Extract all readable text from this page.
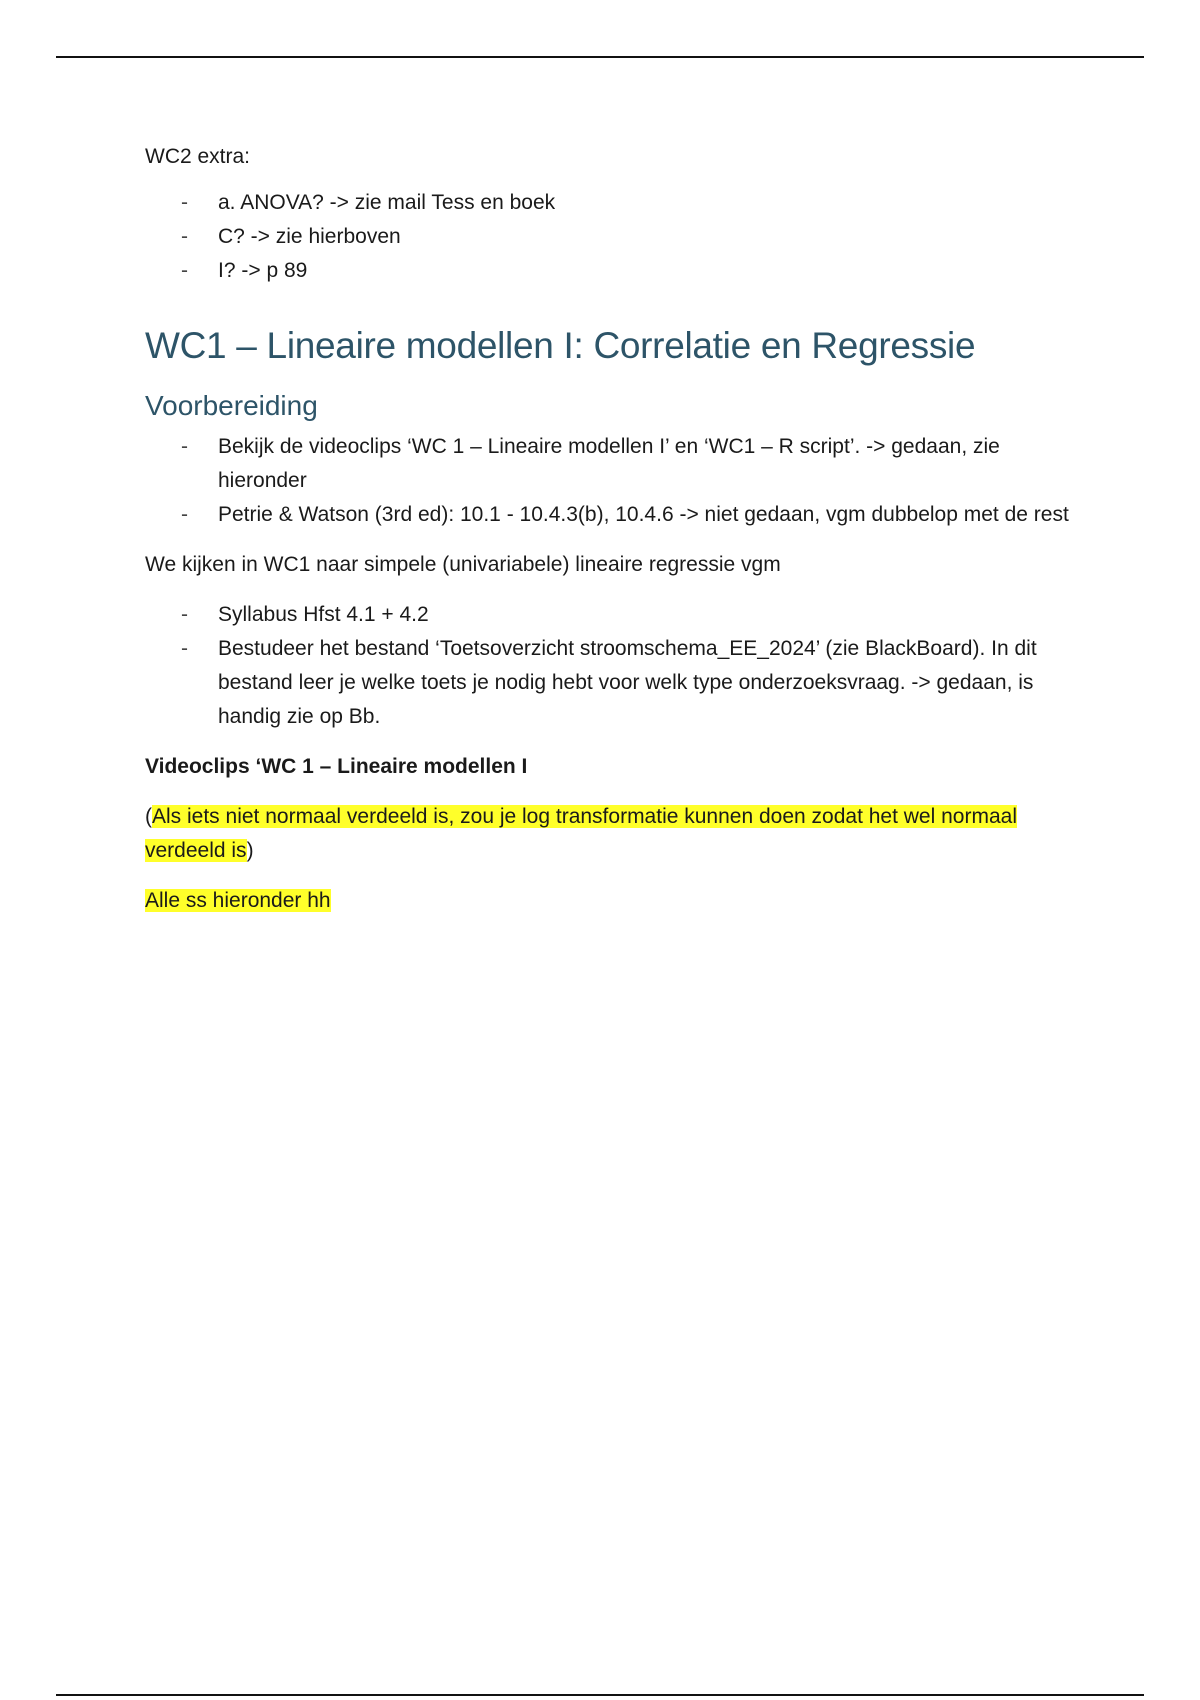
WC2 extra:

- a. ANOVA? -> zie mail Tess en boek
- C? -> zie hierboven
- I? -> p 89
WC1 – Lineaire modellen I: Correlatie en Regressie
Voorbereiding
- Bekijk de videoclips ‘WC 1 – Lineaire modellen I’ en ‘WC1 – R script’. -> gedaan, zie hieronder
- Petrie & Watson (3rd ed): 10.1 - 10.4.3(b), 10.4.6 -> niet gedaan, vgm dubbelop met de rest

We kijken in WC1 naar simpele (univariabele) lineaire regressie vgm

- Syllabus Hfst 4.1 + 4.2
- Bestudeer het bestand ‘Toetsoverzicht stroomschema_EE_2024’ (zie BlackBoard). In dit bestand leer je welke toets je nodig hebt voor welk type onderzoeksvraag. -> gedaan, is handig zie op Bb.

Videoclips ‘WC 1 – Lineaire modellen I

(Als iets niet normaal verdeeld is, zou je log transformatie kunnen doen zodat het wel normaal verdeeld is)

Alle ss hieronder hh
